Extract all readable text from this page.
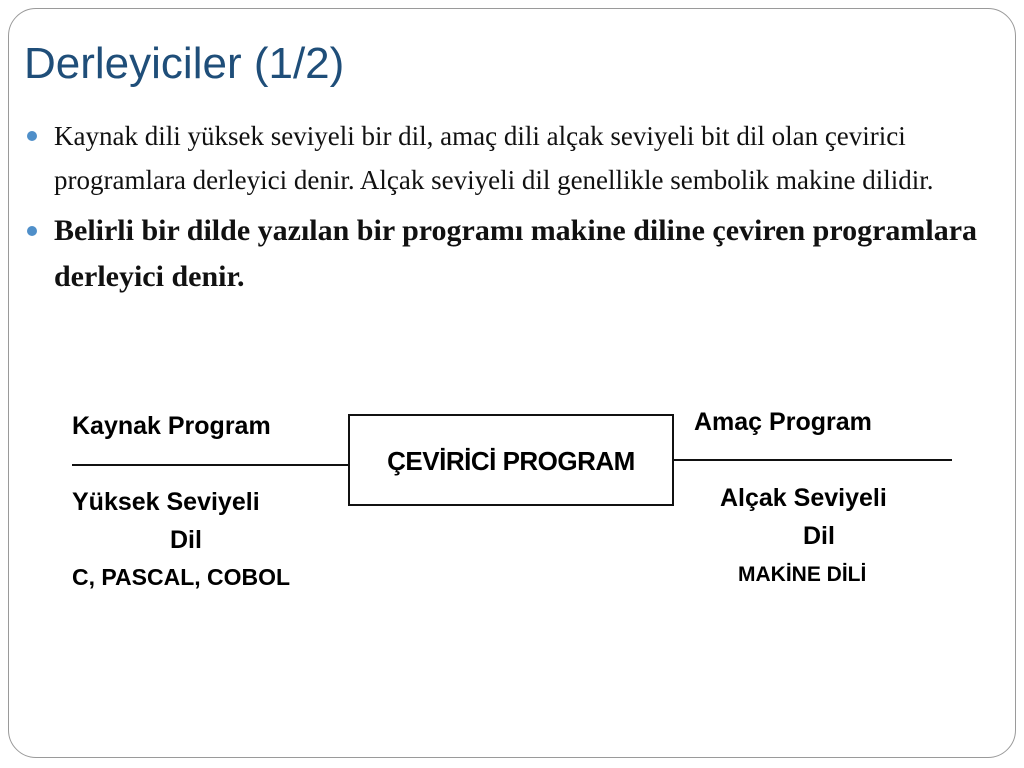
Derleyiciler (1/2)
Kaynak dili yüksek seviyeli bir dil, amaç dili alçak seviyeli bit dil olan çevirici programlara derleyici denir. Alçak seviyeli dil genellikle sembolik makine dilidir.
Belirli bir dilde yazılan bir programı makine diline çeviren programlara derleyici denir.

Kaynak Program

ÇEVİRİCİ PROGRAM

Amaç Program

Yüksek Seviyeli

Dil

C, PASCAL, COBOL

Alçak Seviyeli

Dil

MAKİNE DİLİ
